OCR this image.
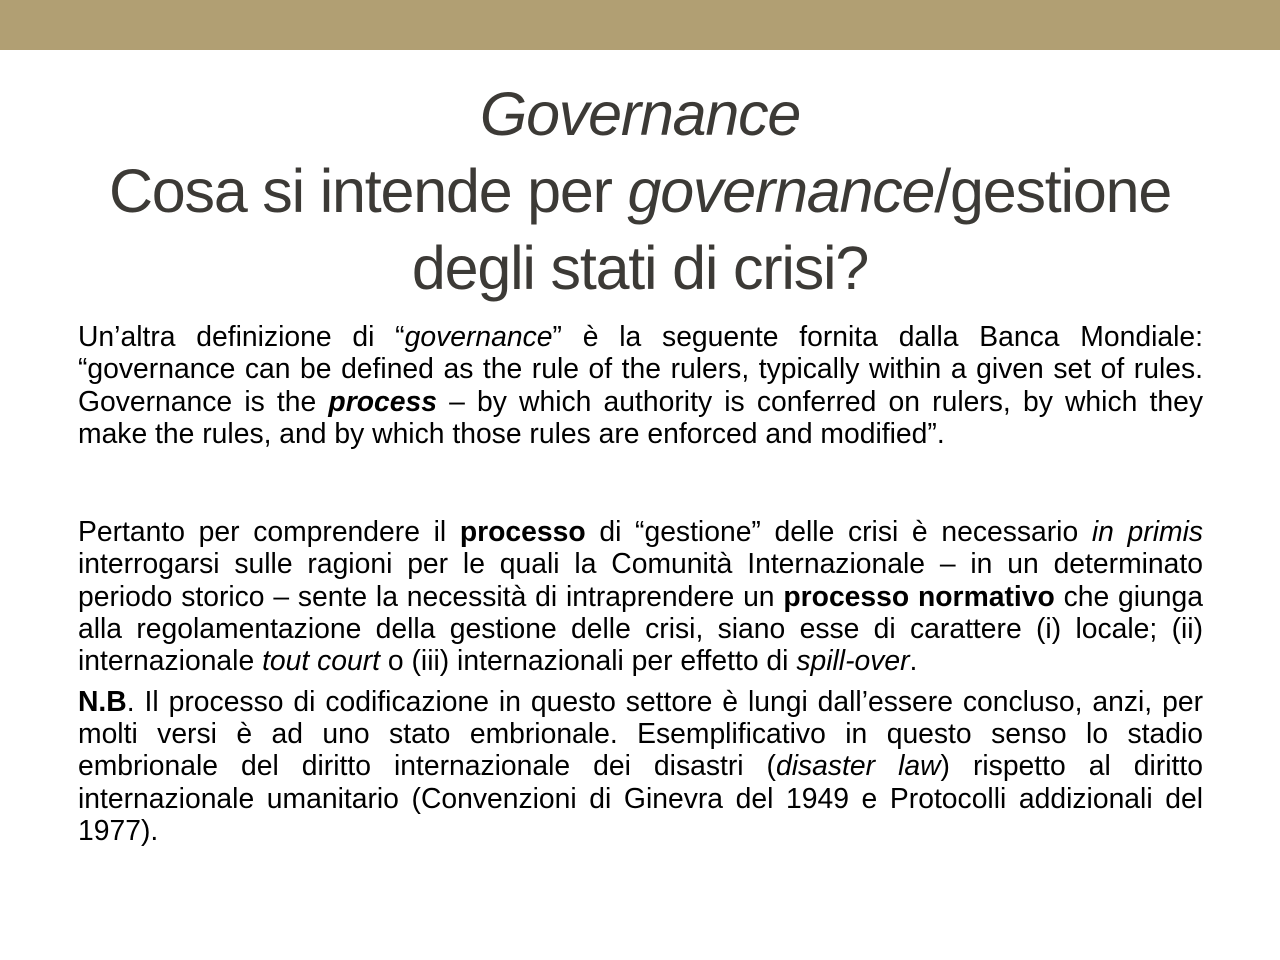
Governance
Cosa si intende per governance/gestione
degli stati di crisi?

Un’altra definizione di “governance” è la seguente fornita dalla Banca Mondiale: “governance can be defined as the rule of the rulers, typically within a given set of rules. Governance is the process – by which authority is conferred on rulers, by which they make the rules, and by which those rules are enforced and modified”.

Pertanto per comprendere il processo di “gestione” delle crisi è necessario in primis interrogarsi sulle ragioni per le quali la Comunità Internazionale – in un determinato periodo storico – sente la necessità di intraprendere un processo normativo che giunga alla regolamentazione della gestione delle crisi, siano esse di carattere (i) locale; (ii) internazionale tout court o (iii) internazionali per effetto di spill-over.

N.B. Il processo di codificazione in questo settore è lungi dall’essere concluso, anzi, per molti versi è ad uno stato embrionale. Esemplificativo in questo senso lo stadio embrionale del diritto internazionale dei disastri (disaster law) rispetto al diritto internazionale umanitario (Convenzioni di Ginevra del 1949 e Protocolli addizionali del 1977).
